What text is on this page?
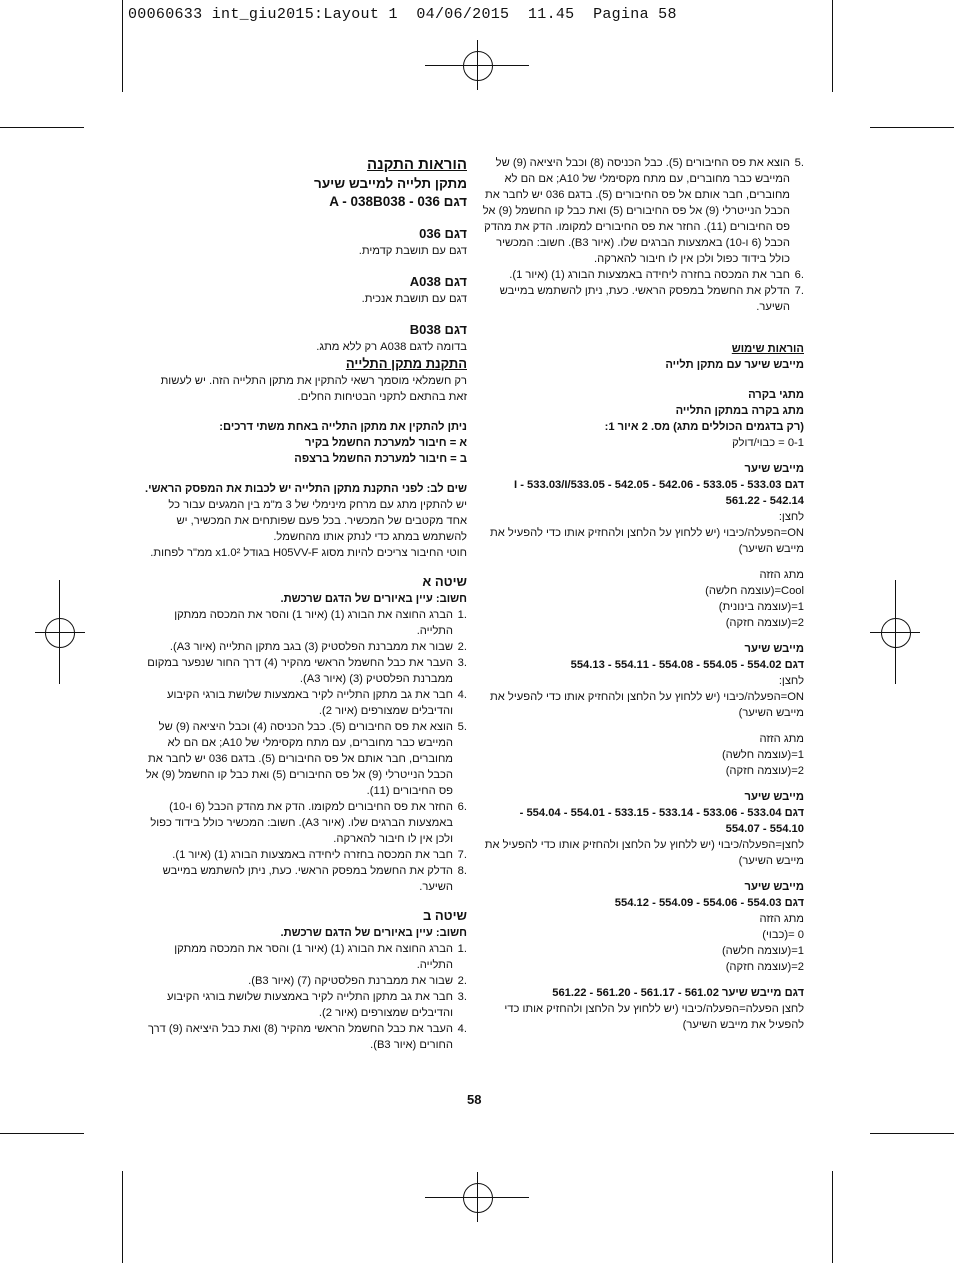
00060633 int_giu2015:Layout 1  04/06/2015  11.45  Pagina 58

הוראות התקנה

מתקן תלייה למייבש שיער

דגם A - 038B038 - 036

דגם 036

דגם עם תושבת קדמית.

דגם A038

דגם עם תושבת אנכית.

דגם B038

בדומה לדגם A038 רק ללא מתג.

התקנת מתקן התלייה

רק חשמלאי מוסמך רשאי להתקין את מתקן התלייה הזה. יש לעשות זאת בהתאם לתקני הבטיחות החלים.

ניתן להתקין את מתקן התלייה באחת משתי דרכים:

א = חיבור למערכת החשמל בקיר

ב = חיבור למערכת החשמל ברצפה

שים לב: לפני התקנת מתקן התלייה יש לכבות את המפסק הראשי.

יש להתקין מתג עם מרחק מינימלי של 3 מ"מ בין המגעים עבור כל אחד מקטבים של המכשיר. בכל פעם שפותחים את המכשיר, יש להשתמש במתג כדי לנתק אותו מהחשמל.

חוטי החיבור צריכים להיות מסוג H05VV-F בגודל x1.0² ממ"ר לפחות.

שיטה א

חשוב: עיין באיורים של הדגם שרכשת.

1.
הברג החוצה את הבורג (1) (איור 1) והסר את המכסה ממתקן התלייה.
2.
שבור את ממברנת הפלסטיק (3) בגב מתקן התלייה (איור A3).
3.
העבר את כבל החשמל הראשי מהקיר (4) דרך החור שנפער במקום ממברנת הפלסטיק (3) (איור A3).
4.
חבר את גב מתקן התלייה לקיר באמצעות שלושת בורגי הקיבוע והדיבלים שמצורפים (איור 2).
5.
הוצא את פס החיבורים (5). כבל הכניסה (4) וכבל היציאה (9) של המייבש כבר מחוברים, עם מתח מקסימלי של A10; אם הם לא מחוברים, חבר אותם אל פס החיבורים (5). בדגם 036 יש לחבר את הכבל הנייטרלי (9) אל פס החיבורים (5) ואת כבל קו החשמל (9) אל פס החיבורים (11).
6.
החזר את פס החיבורים למקומו. הדק את מהדק הכבל (6 ו-10) באמצעות הברגים שלו. (איור A3). חשוב: המכשיר כולל בידוד כפול ולכן אין לו חיבור להארקה.
7.
חבר את המכסה בחזרה ליחידה באמצעות הבורג (1) (איור 1).
8.
הדלק את החשמל במפסק הראשי. כעת, ניתן להשתמש במייבש השיער.

שיטה ב

חשוב: עיין באיורים של הדגם שרכשת.

1.
הברג החוצה את הבורג (1) (איור 1) והסר את המכסה ממתקן התלייה.
2.
שבור את ממברנת הפלסטיקה (7) (איור B3).
3.
חבר את גב מתקן התלייה לקיר באמצעות שלושת בורגי הקיבוע והדיבלים שמצורפים (איור 2).
4.
העבר את כבל החשמל הראשי מהקיר (8) ואת כבל היציאה (9) דרך החורים (איור B3).
5.
הוצא את פס החיבורים (5). כבל הכניסה (8) וכבל היציאה (9) של המייבש כבר מחוברים, עם מתח מקסימלי של A10; אם הם לא מחוברים, חבר אותם אל פס החיבורים (5). בדגם 036 יש לחבר את הכבל הנייטרלי (9) אל פס החיבורים (5) ואת כבל קו החשמל (9) אל פס החיבורים (11). החזר את פס החיבורים למקומו. הדק את מהדק הכבל (6 ו-10) באמצעות הברגים שלו. (איור B3). חשוב: המכשיר כולל בידוד כפול ולכן אין לו חיבור להארקה.
6.
חבר את המכסה בחזרה ליחידה באמצעות הבורג (1) (איור 1).
7.
הדלק את החשמל במפסק הראשי. כעת, ניתן להשתמש במייבש השיער.

הוראות שימוש

מייבש שיער עם מתקן תלייה

מתגי בקרה

מתג בקרה במתקן התלייה

(רק בדגמים הכוללים מתג) מס. 2 איור 1:

0-1 = כבוי/דולק

מייבש שיער

דגם 533.03 - 533.05 - 542.06 - 542.05 - 533.05/I - 533.03/I

542.14 - 561.22

לחצן:

ON=הפעלה/כיבוי (יש ללחוץ על הלחצן ולהחזיק אותו כדי להפעיל את מייבש השיער)

מתג הזזה

Cool=(עוצמה חלשה)

1=(עוצמה בינונית)

2=(עוצמה חזקה)

מייבש שיער

דגם 554.02 - 554.05 - 554.08 - 554.11 - 554.13

לחצן:

ON=הפעלה/כיבוי (יש ללחוץ על הלחצן ולהחזיק אותו כדי להפעיל את מייבש השיער)

מתג הזזה

1=(עוצמה חלשה)

2=(עוצמה חזקה)

מייבש שיער

דגם 533.04 - 533.06 - 533.14 - 533.15 - 554.01 - 554.04 -

554.10 - 554.07

לחצן=הפעלה/כיבוי (יש ללחוץ על הלחצן ולהחזיק אותו כדי להפעיל את מייבש השיער)

מייבש שיער

דגם 554.03 - 554.06 - 554.09 - 554.12

מתג הזזה

0 =(כבוי)

1=(עוצמה חלשה)

2=(עוצמה חזקה)

דגם מייבש שיער 561.02 - 561.17 - 561.20 - 561.22

לחצן הפעלה=הפעלה/כיבוי (יש ללחוץ על הלחצן ולהחזיק אותו כדי להפעיל את מייבש השיער)

58
